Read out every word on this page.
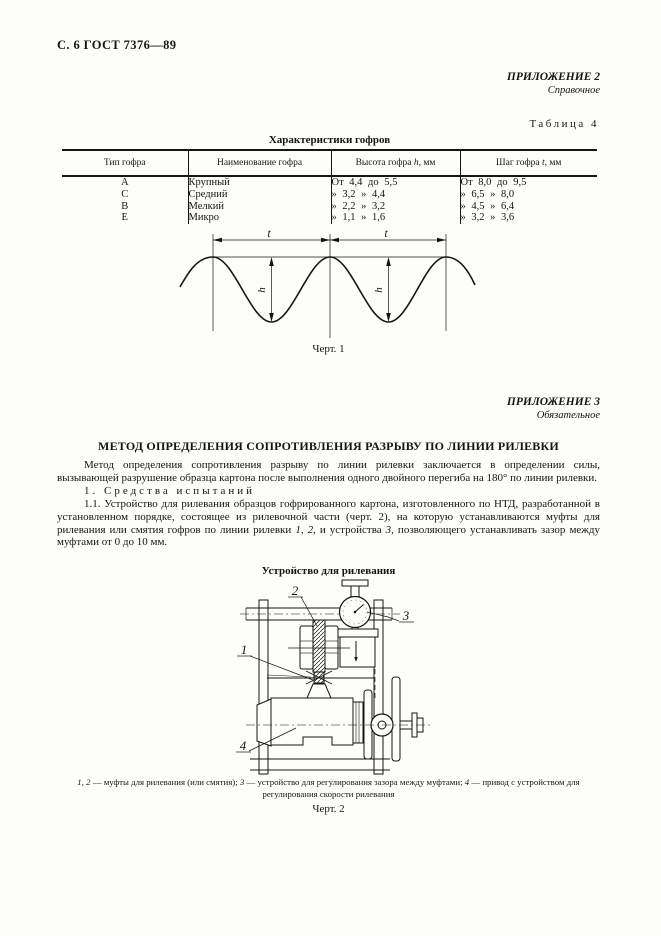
С. 6 ГОСТ 7376—89
ПРИЛОЖЕНИЕ 2
Справочное
Таблица 4
Характеристики гофров
Тип гофра	Наименование гофра	Высота гофра h, мм	Шаг гофра t, мм
А	Крупный	От 4,4 до 5,5	От 8,0 до 9,5
С	Средний	» 3,2 » 4,4	» 6,5 » 8,0
В	Мелкий	» 2,2 » 3,2	» 4,5 » 6,4
Е	Микро	» 1,1 » 1,6	» 3,2 » 3,6
t	t
h	h
Черт. 1
ПРИЛОЖЕНИЕ 3
Обязательное
МЕТОД ОПРЕДЕЛЕНИЯ СОПРОТИВЛЕНИЯ РАЗРЫВУ ПО ЛИНИИ РИЛЕВКИ

Метод определения сопротивления разрыву по линии рилевки заключается в определении силы, вызывающей разрушение образца картона после выполнения одного двойного перегиба на 180° по линии рилевки.

1. Средства испытаний

1.1. Устройство для рилевания образцов гофрированного картона, изготовленного по НТД, разработанной в установленном порядке, состоящее из рилевочной части (черт. 2), на которую устанавливаются муфты для рилевания или смятия гофров по линии рилевки 1, 2, и устройства 3, позволяющего устанавливать зазор между муфтами от 0 до 10 мм.

Устройство для рилевания
2
3
1
4
1, 2 — муфты для рилевания (или смятия); 3 — устройство для регулирования зазора между муфтами; 4 — привод с устройством для регулирования скорости рилевания
Черт. 2
